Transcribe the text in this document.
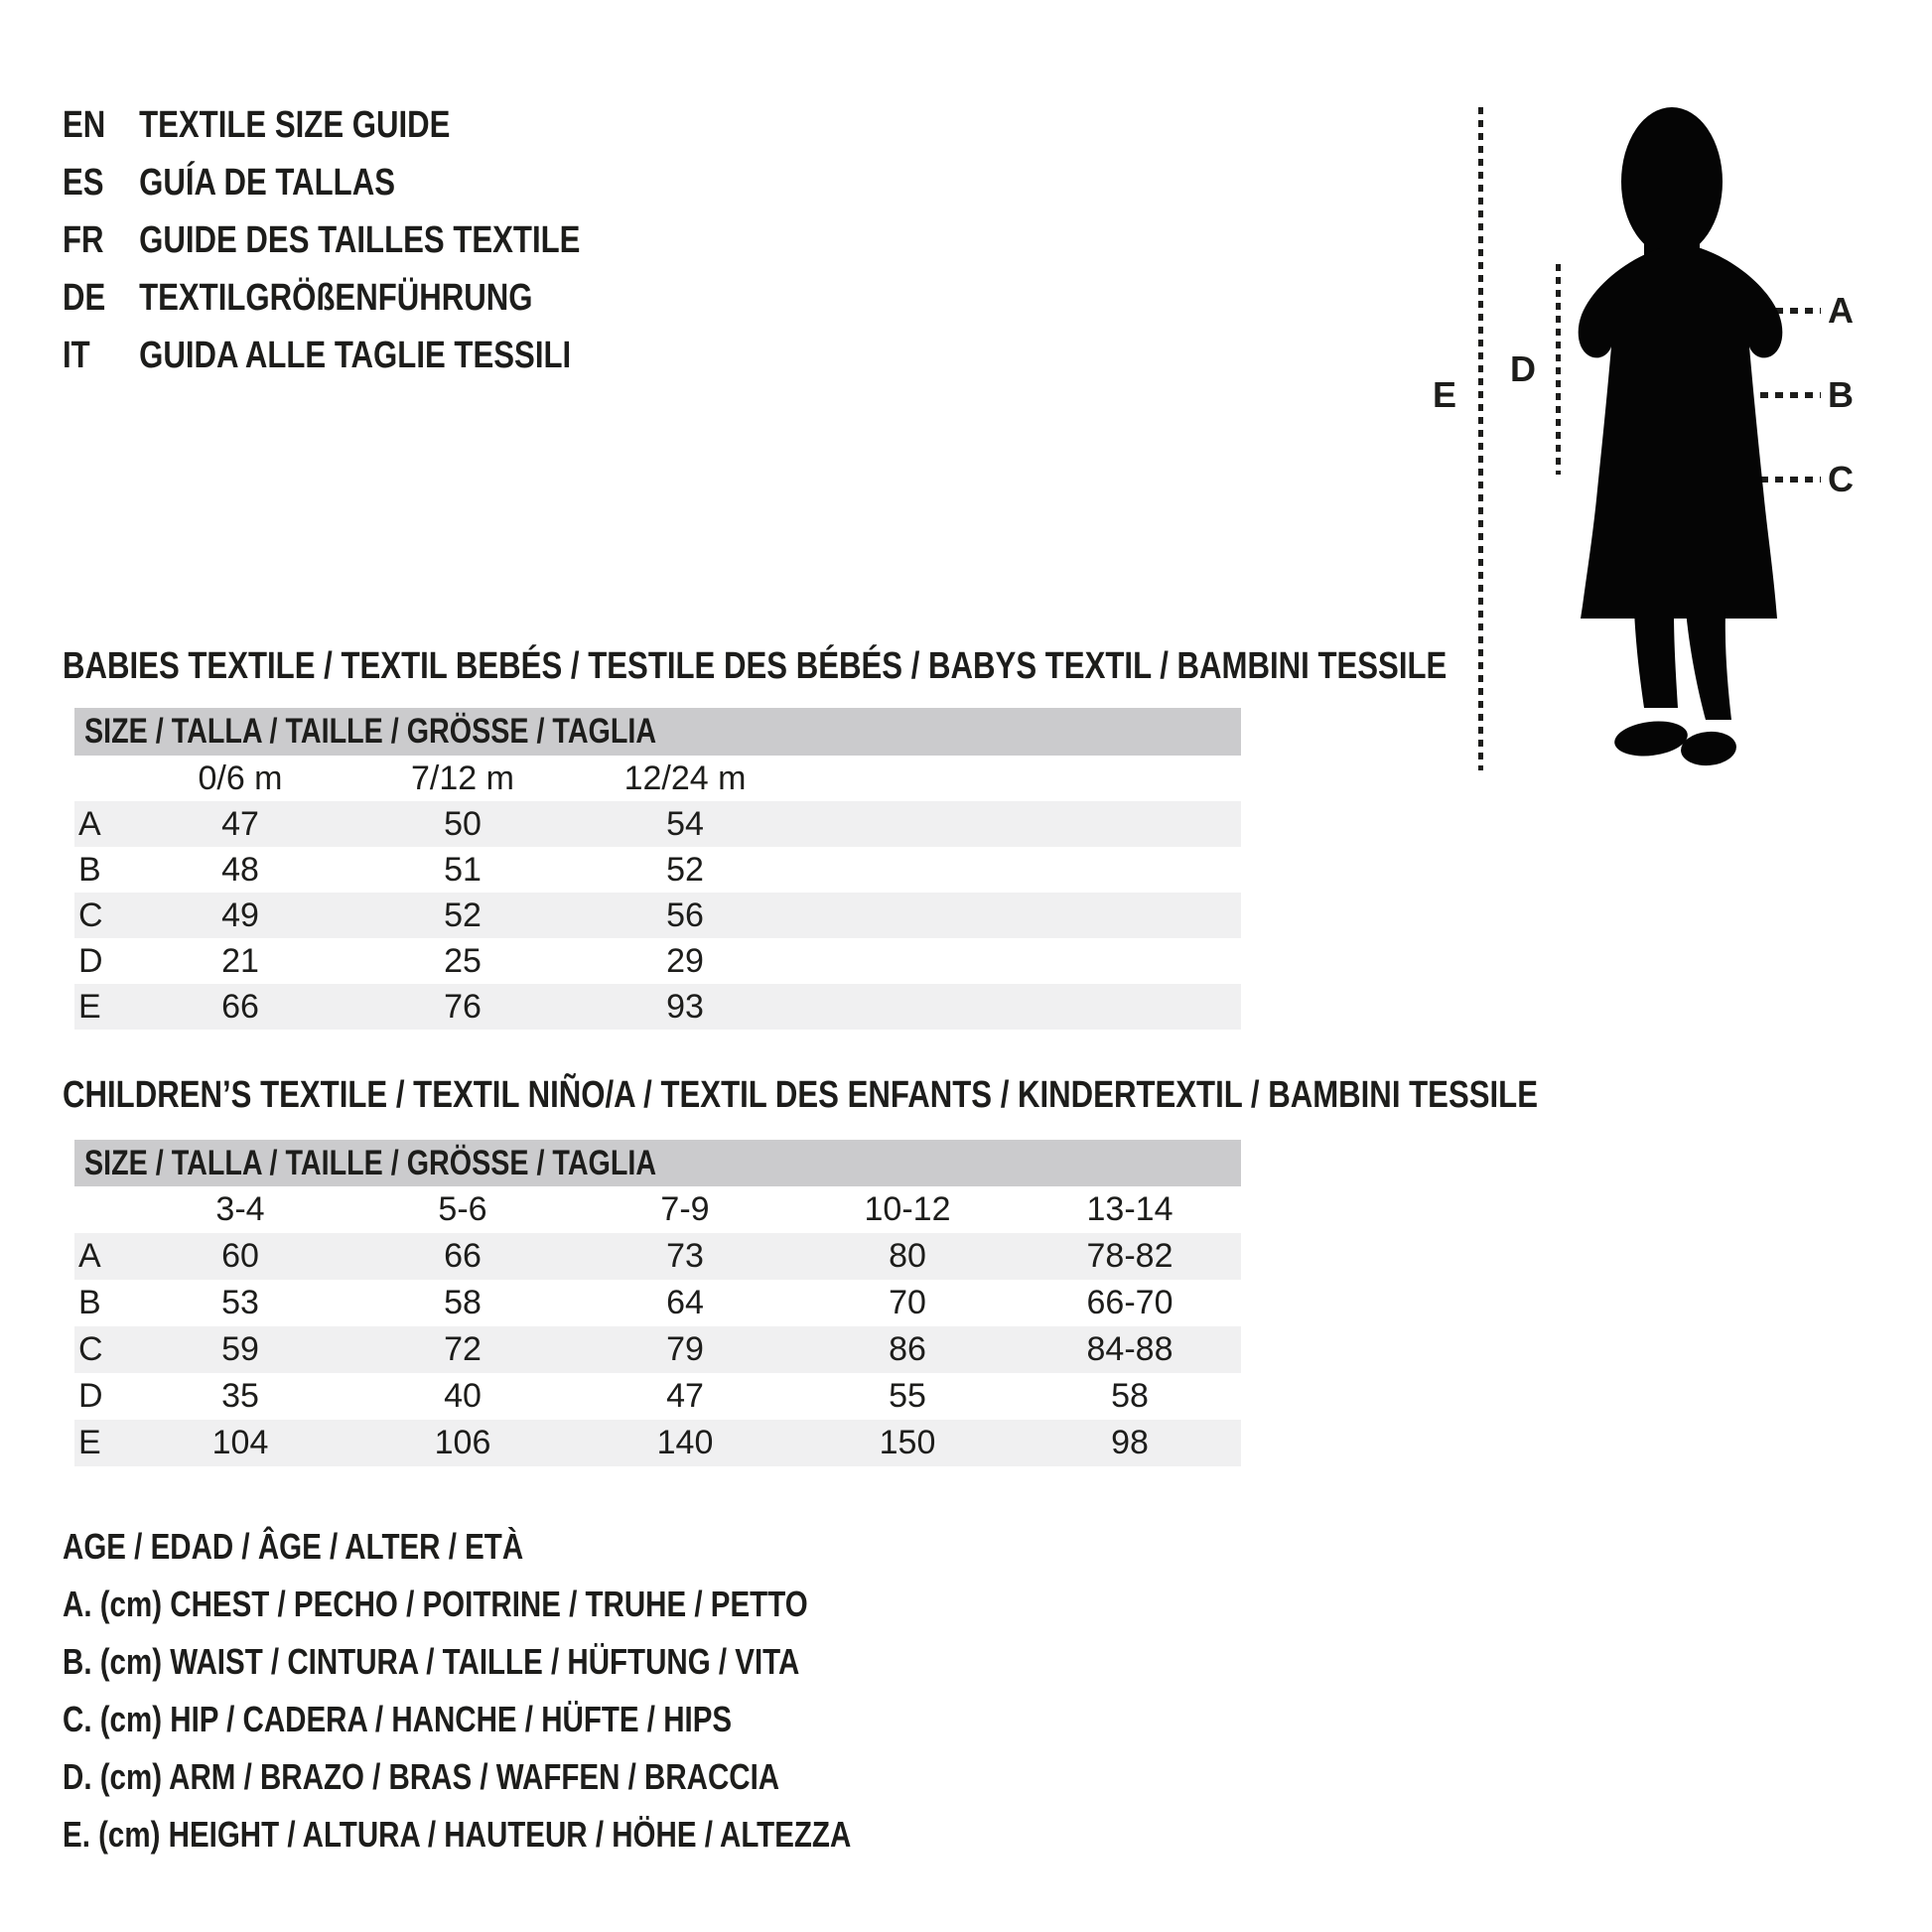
EN TEXTILE SIZE GUIDE
ES GUÍA DE TALLAS
FR GUIDE DES TAILLES TEXTILE
DE TEXTILGRÖßENFÜHRUNG
IT	GUIDA ALLE TAGLIE TESSILI
BABIES TEXTILE / TEXTIL BEBÉS / TESTILE DES BÉBÉS / BABYS TEXTIL / BAMBINI TESSILE
SIZE / TALLA / TAILLE / GRÖSSE / TAGLIA
0/6 m	7/12 m	12/24 m
A	47	50	54
B	48	51	52
C	49	52	56
D	21	25	29
E	66	76	93
CHILDREN’S TEXTILE / TEXTIL NIÑO/A / TEXTIL DES ENFANTS / KINDERTEXTIL / BAMBINI TESSILE
SIZE / TALLA / TAILLE / GRÖSSE / TAGLIA
3-4	5-6	7-9	10-12	13-14
A	60	66	73	80	78-82
B	53	58	64	70	66-70
C	59	72	79	86	84-88
D	35	40	47	55	58
E	104	106	140	150	98
AGE / EDAD / ÂGE / ALTER / ETÀ
A. (cm) CHEST / PECHO / POITRINE / TRUHE / PETTO
B. (cm) WAIST / CINTURA / TAILLE / HÜFTUNG / VITA
C. (cm) HIP / CADERA / HANCHE / HÜFTE / HIPS
D. (cm) ARM / BRAZO / BRAS / WAFFEN / BRACCIA
E. (cm) HEIGHT / ALTURA / HAUTEUR / HÖHE / ALTEZZA
E
D
A
B
C
